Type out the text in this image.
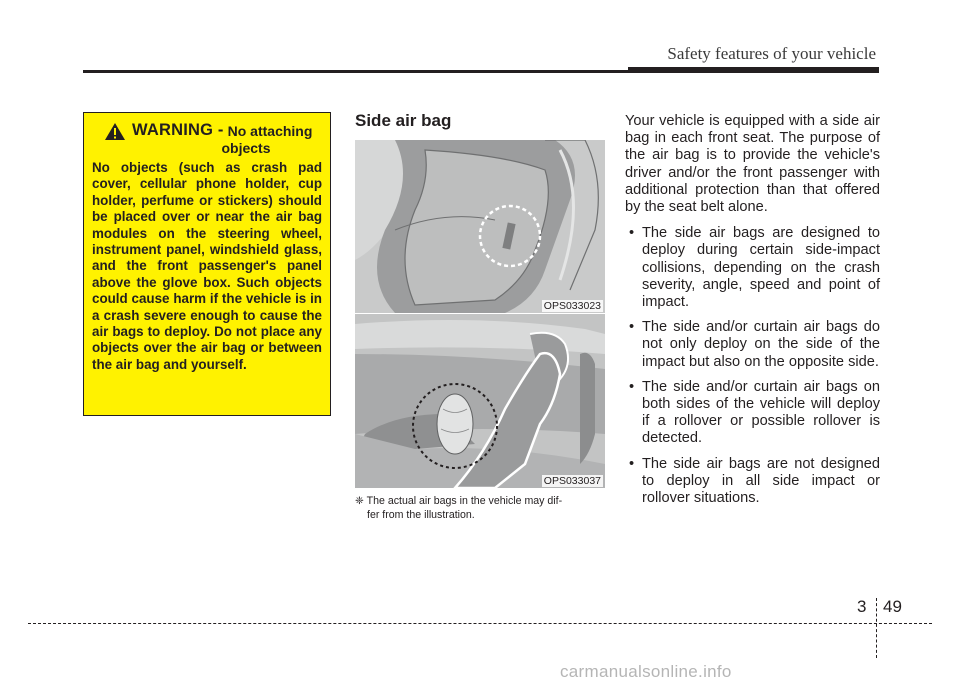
Safety features of your vehicle
WARNING - No attaching
objects
No objects (such as crash pad cover, cellular phone holder, cup holder, perfume or stickers) should be placed over or near the air bag modules on the steering wheel, instrument panel, windshield glass, and the front passenger's panel above the glove box. Such objects could cause harm if the vehicle is in a crash severe enough to cause the air bags to deploy. Do not place any objects over the air bag or between the air bag and yourself.
Side air bag
OPS033023
OPS033037
❈ The actual air bags in the vehicle may dif-
fer from the illustration.

Your vehicle is equipped with a side air bag in each front seat. The purpose of the air bag is to provide the vehicle's driver and/or the front passenger with additional protection than that offered by the seat belt alone.

• The side air bags are designed to deploy during certain side-impact collisions, depending on the crash severity, angle, speed and point of impact.
• The side and/or curtain air bags do not only deploy on the side of the impact but also on the opposite side.
• The side and/or curtain air bags on both sides of the vehicle will deploy if a rollover or possible rollover is detected.
• The side air bags are not designed to deploy in all side impact or rollover situations.
3 49
carmanualsonline.info
